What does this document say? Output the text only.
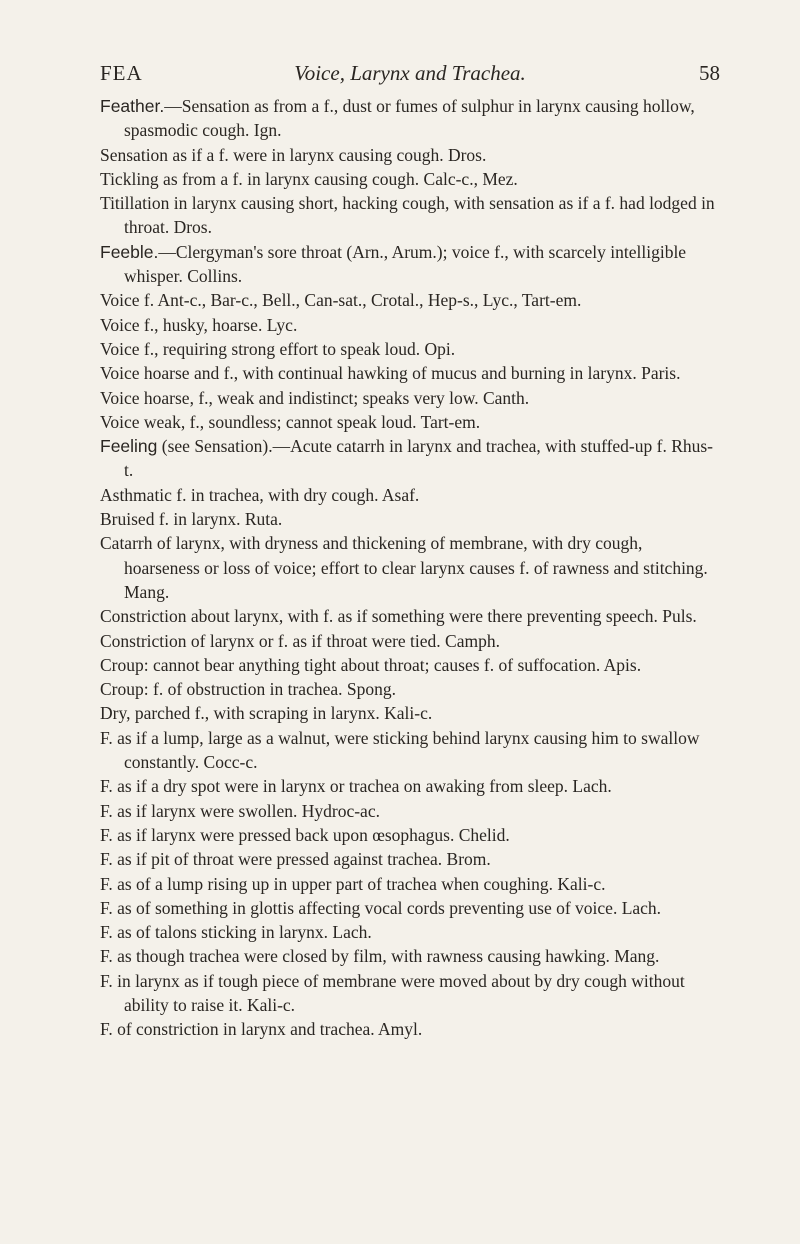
FEA	Voice, Larynx and Trachea.	58

Feather.—Sensation as from a f., dust or fumes of sulphur in larynx causing hollow, spasmodic cough. Ign.

Sensation as if a f. were in larynx causing cough. Dros.

Tickling as from a f. in larynx causing cough. Calc-c., Mez.

Titillation in larynx causing short, hacking cough, with sensation as if a f. had lodged in throat. Dros.

Feeble.—Clergyman's sore throat (Arn., Arum.); voice f., with scarcely intelligible whisper. Collins.

Voice f. Ant-c., Bar-c., Bell., Can-sat., Crotal., Hep-s., Lyc., Tart-em.

Voice f., husky, hoarse. Lyc.

Voice f., requiring strong effort to speak loud. Opi.

Voice hoarse and f., with continual hawking of mucus and burning in larynx. Paris.

Voice hoarse, f., weak and indistinct; speaks very low. Canth.

Voice weak, f., soundless; cannot speak loud. Tart-em.

Feeling (see Sensation).—Acute catarrh in larynx and trachea, with stuffed-up f. Rhus-t.

Asthmatic f. in trachea, with dry cough. Asaf.

Bruised f. in larynx. Ruta.

Catarrh of larynx, with dryness and thickening of membrane, with dry cough, hoarseness or loss of voice; effort to clear larynx causes f. of rawness and stitching. Mang.

Constriction about larynx, with f. as if something were there preventing speech. Puls.

Constriction of larynx or f. as if throat were tied. Camph.

Croup: cannot bear anything tight about throat; causes f. of suffocation. Apis.

Croup: f. of obstruction in trachea. Spong.

Dry, parched f., with scraping in larynx. Kali-c.

F. as if a lump, large as a walnut, were sticking behind larynx causing him to swallow constantly. Cocc-c.

F. as if a dry spot were in larynx or trachea on awaking from sleep. Lach.

F. as if larynx were swollen. Hydroc-ac.

F. as if larynx were pressed back upon œsophagus. Chelid.

F. as if pit of throat were pressed against trachea. Brom.

F. as of a lump rising up in upper part of trachea when coughing. Kali-c.

F. as of something in glottis affecting vocal cords preventing use of voice. Lach.

F. as of talons sticking in larynx. Lach.

F. as though trachea were closed by film, with rawness causing hawking. Mang.

F. in larynx as if tough piece of membrane were moved about by dry cough without ability to raise it. Kali-c.

F. of constriction in larynx and trachea. Amyl.
